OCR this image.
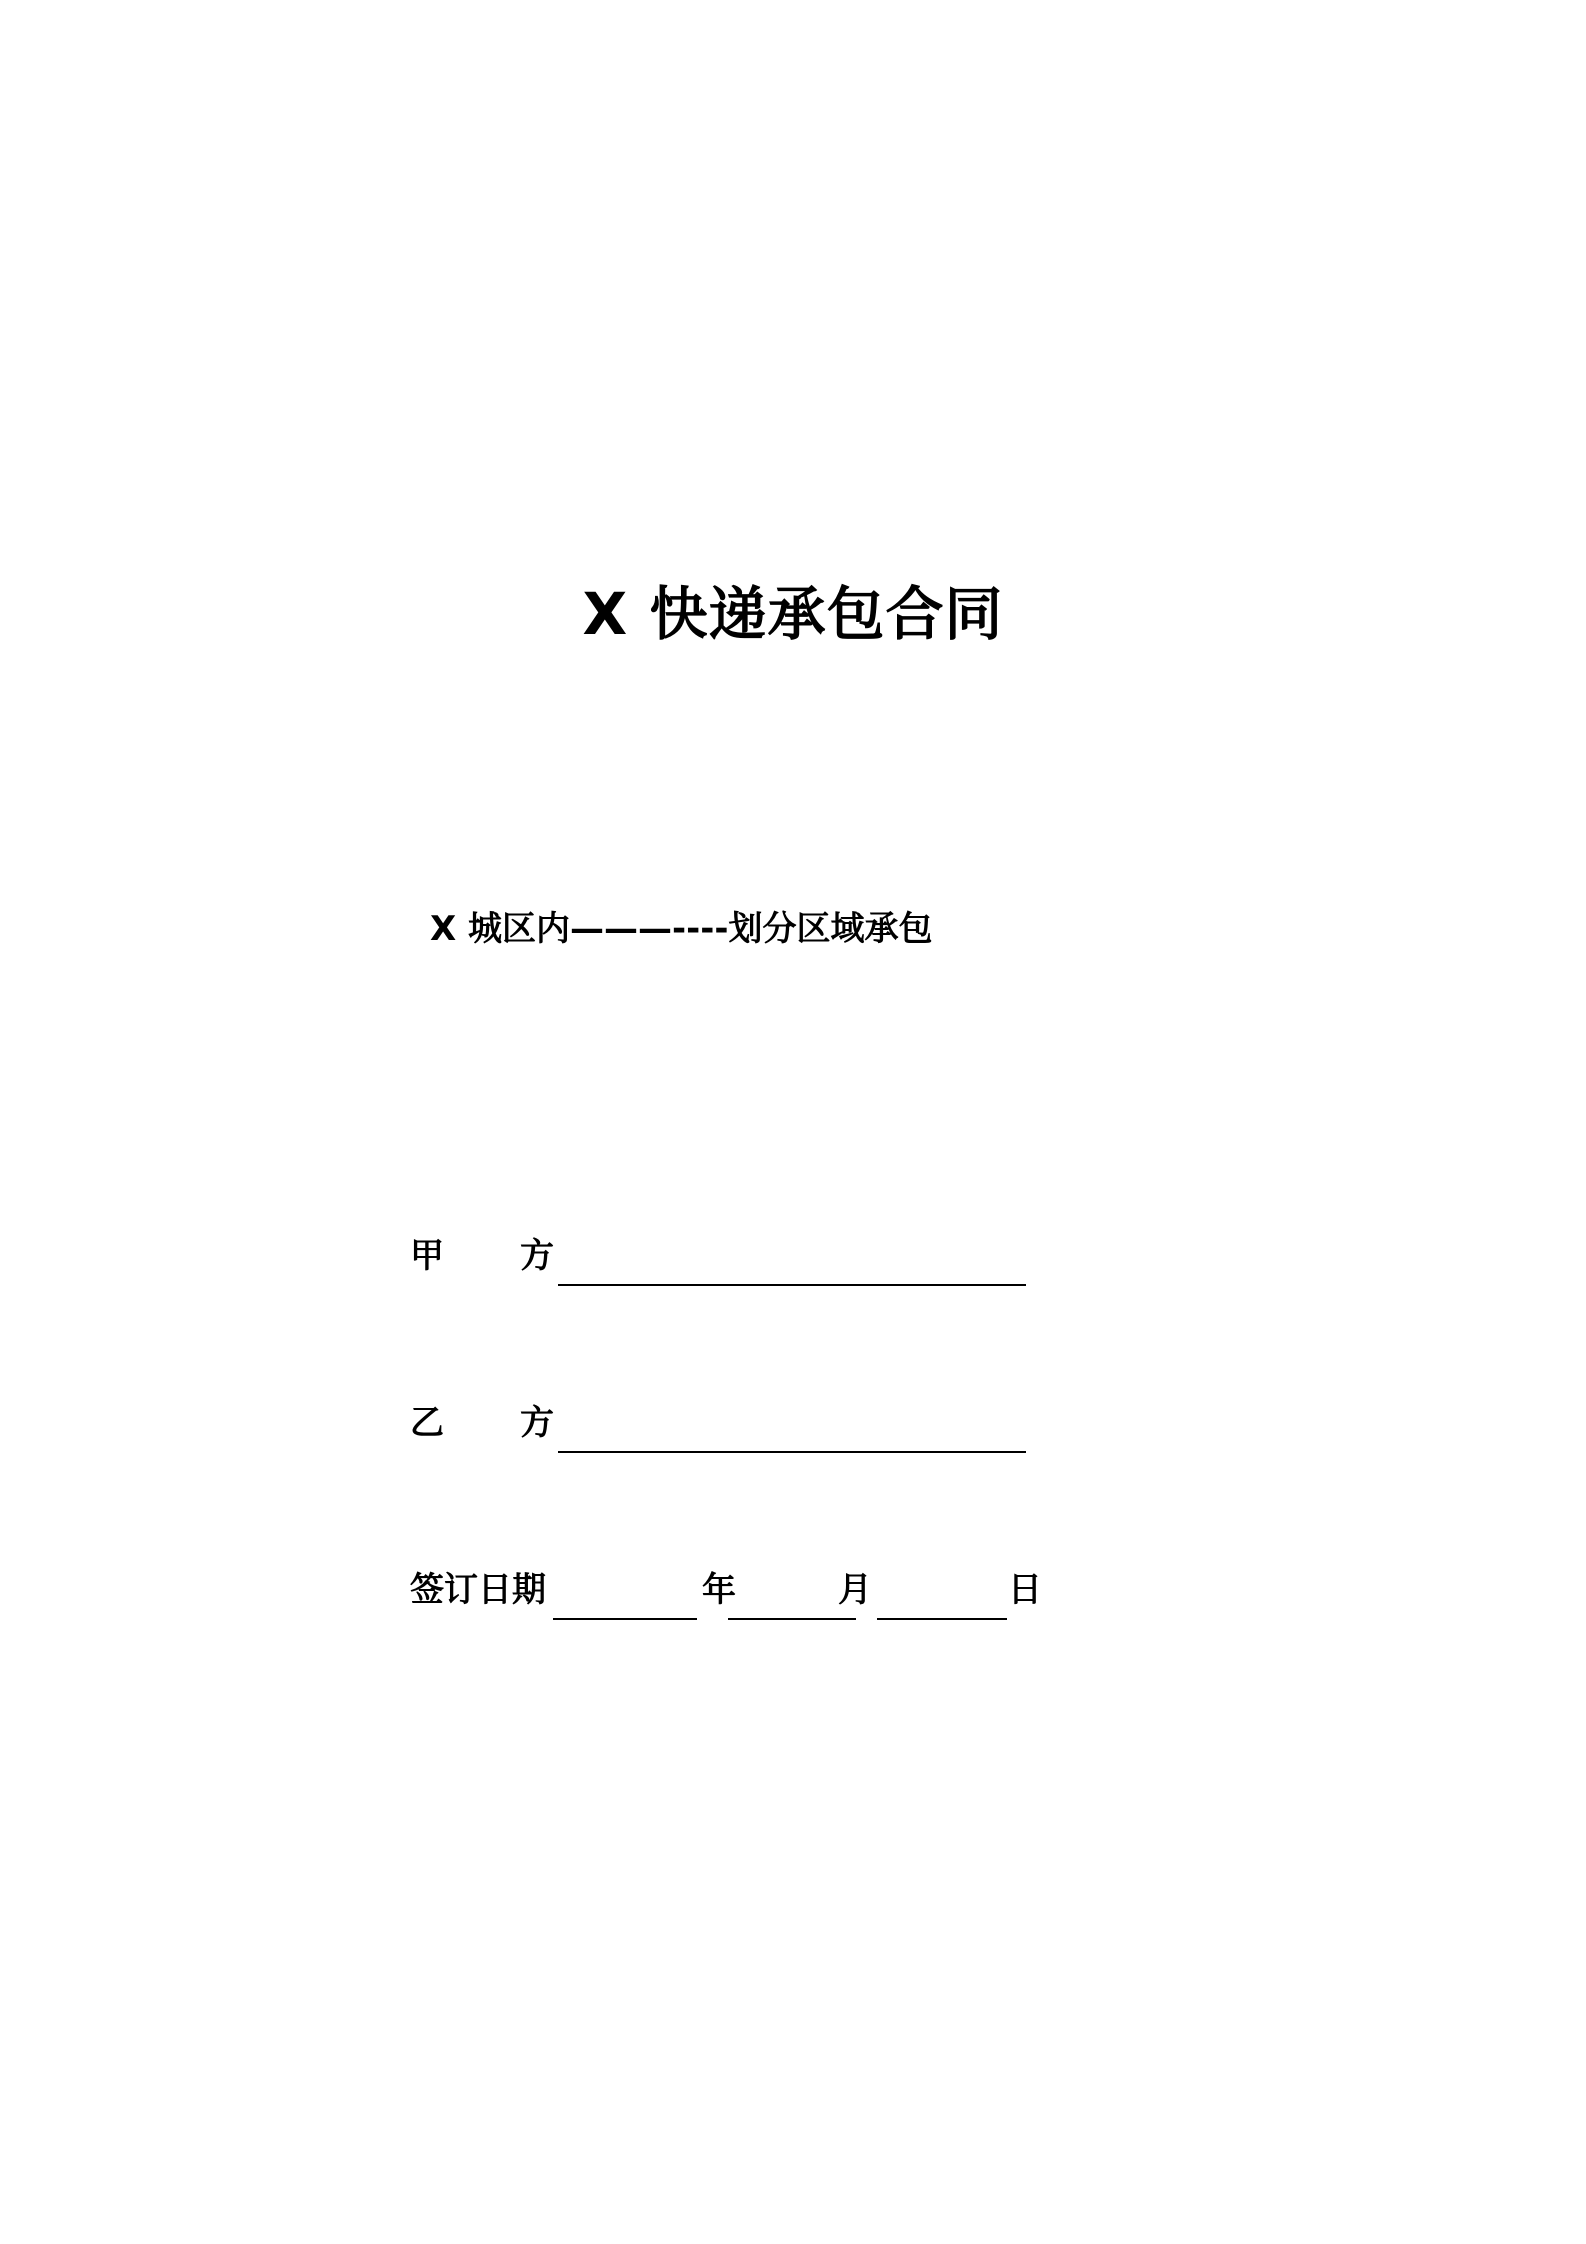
X 快递承包合同
X 城区内———----划分区域承包
甲 方
乙 方
签订日期	年	月	日
